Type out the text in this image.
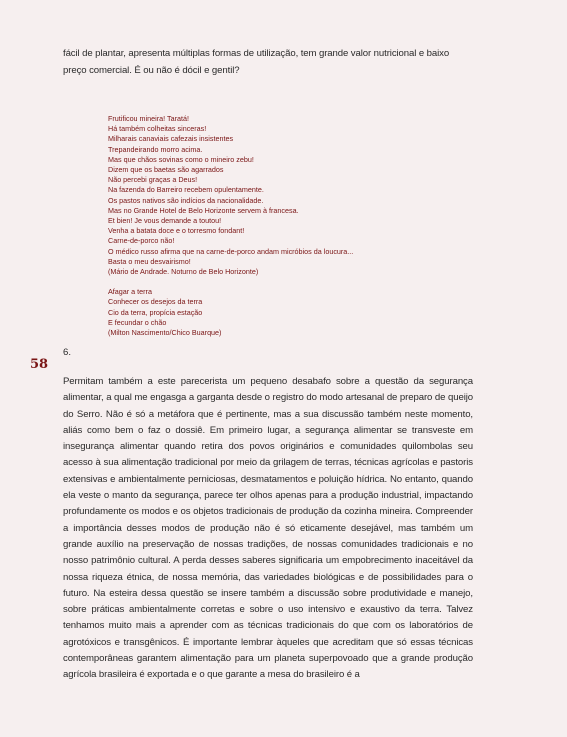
fácil de plantar, apresenta múltiplas formas de utilização, tem grande valor nutricional e baixo preço comercial. É ou não é dócil e gentil?

Frutificou mineira! Taratá!
Há também colheitas sinceras!
Milharais canaviais cafezais insistentes
Trepandeirando morro acima.
Mas que chãos sovinas como o mineiro zebu!
Dizem que os baetas são agarrados
Não percebi graças a Deus!
Na fazenda do Barreiro recebem opulentamente.
Os pastos nativos são indícios da nacionalidade.
Mas no Grande Hotel de Belo Horizonte servem à francesa.
Et bien! Je vous demande a toutou!
Venha a batata doce e o torresmo fondant!
Carne-de-porco não!
O médico russo afirma que na carne-de-porco andam micróbios da loucura...
Basta o meu desvairismo!
(Mário de Andrade. Noturno de Belo Horizonte)
Afagar a terra
Conhecer os desejos da terra
Cio da terra, propícia estação
E fecundar o chão
(Milton Nascimento/Chico Buarque)
6.
58

Permitam também a este parecerista um pequeno desabafo sobre a questão da segurança alimentar, a qual me engasga a garganta desde o registro do modo artesanal de preparo de queijo do Serro. Não é só a metáfora que é pertinente, mas a sua discussão também neste momento, aliás como bem o faz o dossiê. Em primeiro lugar, a segurança alimentar se transveste em insegurança alimentar quando retira dos povos originários e comunidades quilombolas seu acesso à sua alimentação tradicional por meio da grilagem de terras, técnicas agrícolas e pastoris extensivas e ambientalmente perniciosas, desmatamentos e poluição hídrica. No entanto, quando ela veste o manto da segurança, parece ter olhos apenas para a produção industrial, impactando profundamente os modos e os objetos tradicionais de produção da cozinha mineira. Compreender a importância desses modos de produção não é só eticamente desejável, mas também um grande auxílio na preservação de nossas tradições, de nossas comunidades tradicionais e no nosso patrimônio cultural. A perda desses saberes significaria um empobrecimento inaceitável da nossa riqueza étnica, de nossa memória, das variedades biológicas e de possibilidades para o futuro. Na esteira dessa questão se insere também a discussão sobre produtividade e manejo, sobre práticas ambientalmente corretas e sobre o uso intensivo e exaustivo da terra. Talvez tenhamos muito mais a aprender com as técnicas tradicionais do que com os laboratórios de agrotóxicos e transgênicos. É importante lembrar àqueles que acreditam que só essas técnicas contemporâneas garantem alimentação para um planeta superpovoado que a grande produção agrícola brasileira é exportada e o que garante a mesa do brasileiro é a
